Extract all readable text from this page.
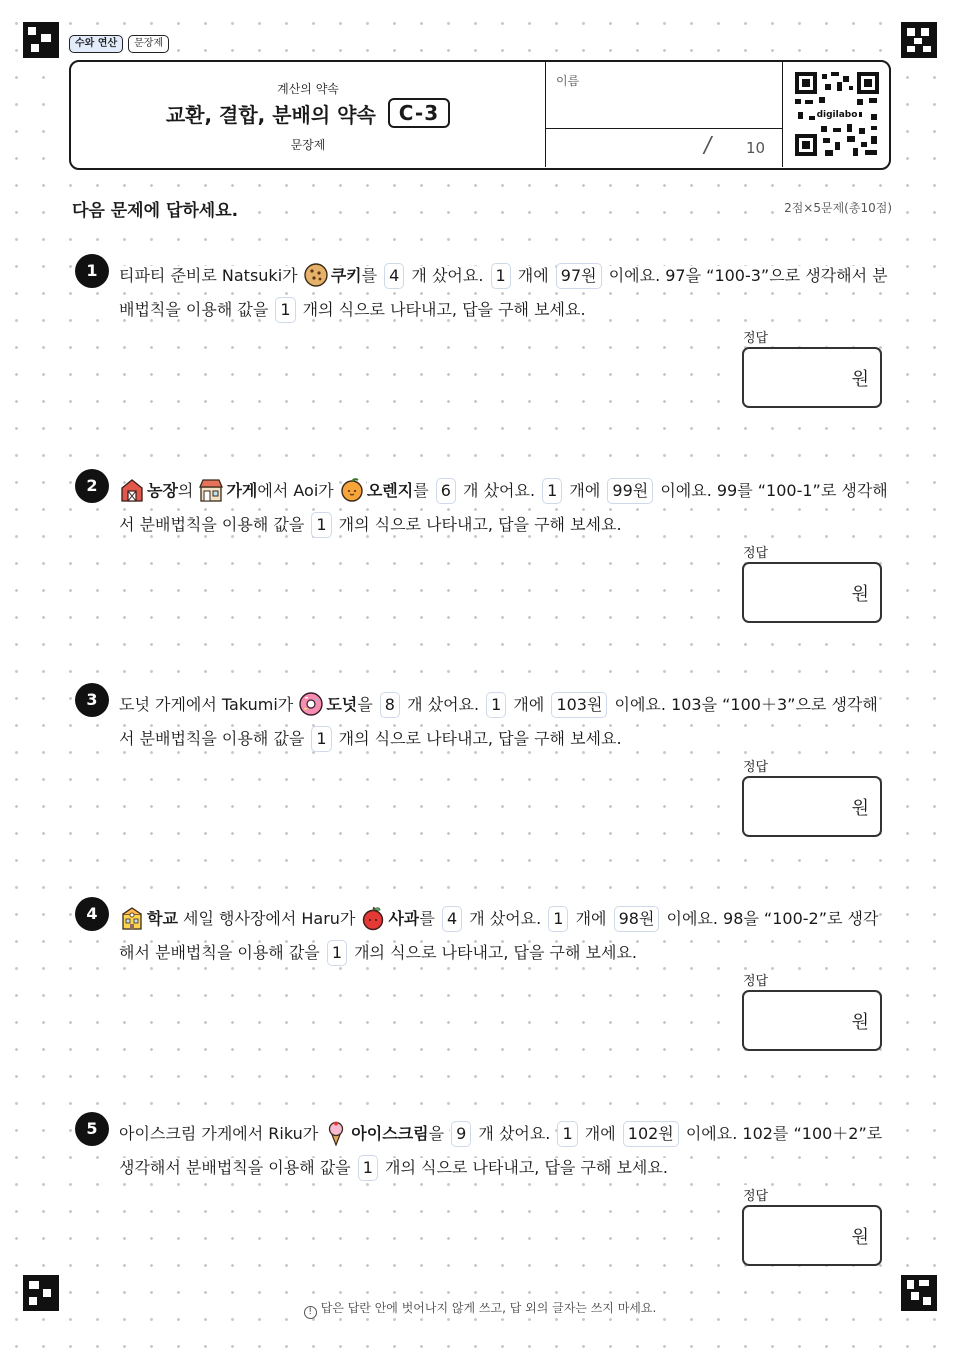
수와 연산	문장제
계산의 약속
교환, 결합, 분배의 약속	C-3
문장제
이름
/ 10
digilabo
다음 문제에 답하세요.	2점×5문제(총10점)
1	티파티 준비로 Natsuki가 쿠키를 4 개 샀어요. 1 개에 97원 이에요. 97을 “100-3”으로 생각해서 분배법칙을 이용해 값을 1 개의 식으로 나타내고, 답을 구해 보세요.
정답
원
2	농장의 가게에서 Aoi가 오렌지를 6 개 샀어요. 1 개에 99원 이에요. 99를 “100-1”로 생각해서 분배법칙을 이용해 값을 1 개의 식으로 나타내고, 답을 구해 보세요.
정답
원
3	도넛 가게에서 Takumi가 도넛을 8 개 샀어요. 1 개에 103원 이에요. 103을 “100＋3”으로 생각해서 분배법칙을 이용해 값을 1 개의 식으로 나타내고, 답을 구해 보세요.
정답
원
4	학교 세일 행사장에서 Haru가 사과를 4 개 샀어요. 1 개에 98원 이에요. 98을 “100-2”로 생각해서 분배법칙을 이용해 값을 1 개의 식으로 나타내고, 답을 구해 보세요.
정답
원
5	아이스크림 가게에서 Riku가 아이스크림을 9 개 샀어요. 1 개에 102원 이에요. 102를 “100＋2”로 생각해서 분배법칙을 이용해 값을 1 개의 식으로 나타내고, 답을 구해 보세요.
정답
원
! 답은 답란 안에 벗어나지 않게 쓰고, 답 외의 글자는 쓰지 마세요.
